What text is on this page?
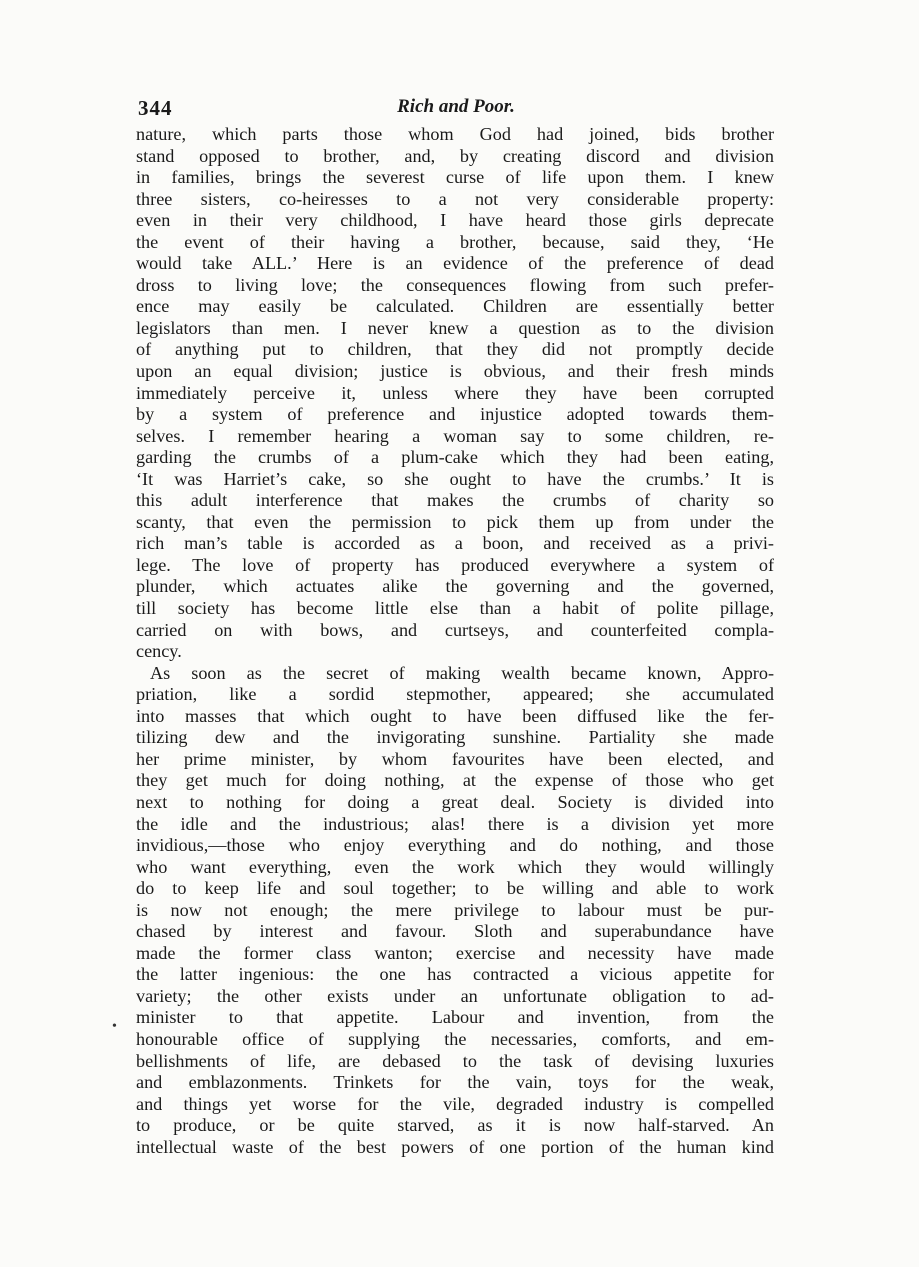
344	Rich and Poor.
nature, which parts those whom God had joined, bids brother
stand opposed to brother, and, by creating discord and division
in families, brings the severest curse of life upon them. I knew
three sisters, co-heiresses to a not very considerable property:
even in their very childhood, I have heard those girls deprecate
the event of their having a brother, because, said they, ‘He
would take ALL.’ Here is an evidence of the preference of dead
dross to living love; the consequences flowing from such prefer-
ence may easily be calculated. Children are essentially better
legislators than men. I never knew a question as to the division
of anything put to children, that they did not promptly decide
upon an equal division; justice is obvious, and their fresh minds
immediately perceive it, unless where they have been corrupted
by a system of preference and injustice adopted towards them-
selves. I remember hearing a woman say to some children, re-
garding the crumbs of a plum-cake which they had been eating,
‘It was Harriet’s cake, so she ought to have the crumbs.’ It is
this adult interference that makes the crumbs of charity so
scanty, that even the permission to pick them up from under the
rich man’s table is accorded as a boon, and received as a privi-
lege. The love of property has produced everywhere a system of
plunder, which actuates alike the governing and the governed,
till society has become little else than a habit of polite pillage,
carried on with bows, and curtseys, and counterfeited compla-
cency.
As soon as the secret of making wealth became known, Appro-
priation, like a sordid stepmother, appeared; she accumulated
into masses that which ought to have been diffused like the fer-
tilizing dew and the invigorating sunshine. Partiality she made
her prime minister, by whom favourites have been elected, and
they get much for doing nothing, at the expense of those who get
next to nothing for doing a great deal. Society is divided into
the idle and the industrious; alas! there is a division yet more
invidious,—those who enjoy everything and do nothing, and those
who want everything, even the work which they would willingly
do to keep life and soul together; to be willing and able to work
is now not enough; the mere privilege to labour must be pur-
chased by interest and favour. Sloth and superabundance have
made the former class wanton; exercise and necessity have made
the latter ingenious: the one has contracted a vicious appetite for
variety; the other exists under an unfortunate obligation to ad-
minister to that appetite. Labour and invention, from the
honourable office of supplying the necessaries, comforts, and em-
bellishments of life, are debased to the task of devising luxuries
and emblazonments. Trinkets for the vain, toys for the weak,
and things yet worse for the vile, degraded industry is compelled
to produce, or be quite starved, as it is now half-starved. An
intellectual waste of the best powers of one portion of the human kind
•
